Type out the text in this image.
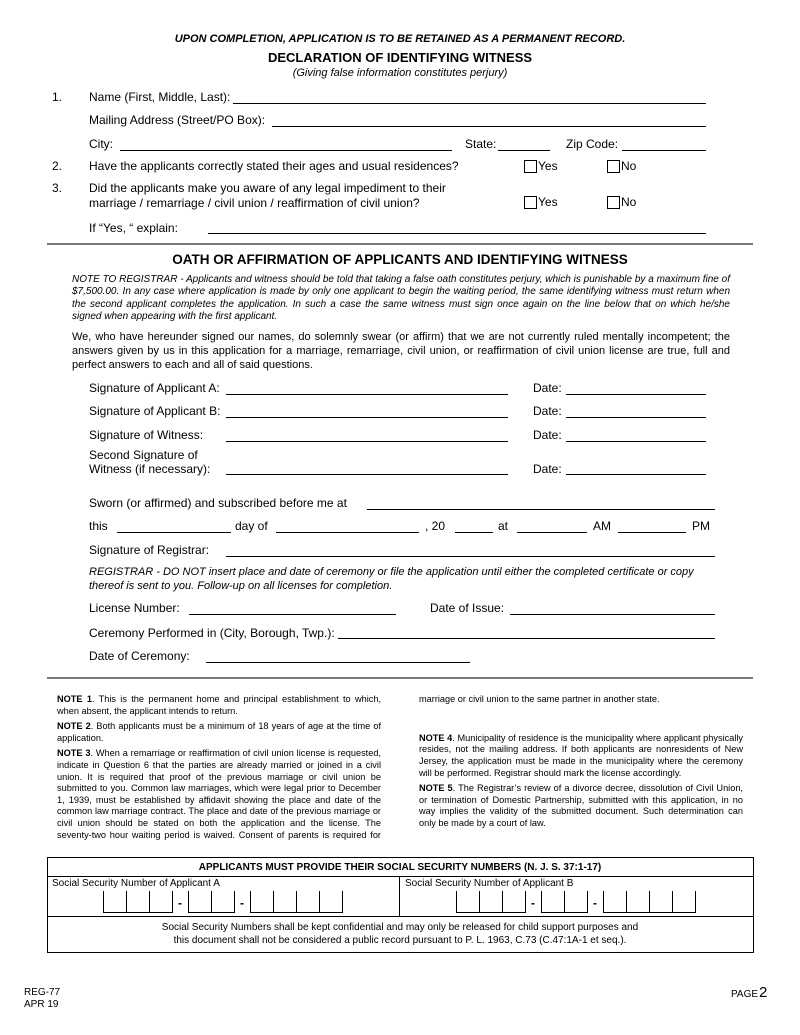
UPON COMPLETION, APPLICATION IS TO BE RETAINED AS A PERMANENT RECORD.
DECLARATION OF IDENTIFYING WITNESS
(Giving false information constitutes perjury)
1. Name (First, Middle, Last):
Mailing Address (Street/PO Box):
City:	State:	Zip Code:
2. Have the applicants correctly stated their ages and usual residences?	Yes	No
3. Did the applicants make you aware of any legal impediment to their
marriage / remarriage / civil union / reaffirmation of civil union?	Yes	No
If “Yes, “ explain:
OATH OR AFFIRMATION OF APPLICANTS AND IDENTIFYING WITNESS
NOTE TO REGISTRAR - Applicants and witness should be told that taking a false oath constitutes perjury, which is punishable by a maximum fine of $7,500.00. In any case where application is made by only one applicant to begin the waiting period, the same identifying witness must return when the second applicant completes the application. In such a case the same witness must sign once again on the line below that on which he/she signed when appearing with the first applicant.
We, who have hereunder signed our names, do solemnly swear (or affirm) that we are not currently ruled mentally incompetent; the answers given by us in this application for a marriage, remarriage, civil union, or reaffirmation of civil union license are true, full and perfect answers to each and all of said questions.
Signature of Applicant A:	Date:
Signature of Applicant B:	Date:
Signature of Witness:	Date:
Second Signature of
Witness (if necessary):	Date:
Sworn (or affirmed) and subscribed before me at
this	day of	, 20	at	AM	PM
Signature of Registrar:
REGISTRAR - DO NOT insert place and date of ceremony or file the application until either the completed certificate or copy thereof is sent to you. Follow-up on all licenses for completion.
License Number:	Date of Issue:
Ceremony Performed in (City, Borough, Twp.):
Date of Ceremony:

NOTE 1. This is the permanent home and principal establishment to which, when absent, the applicant intends to return.

NOTE 2. Both applicants must be a minimum of 18 years of age at the time of application.

NOTE 3. When a remarriage or reaffirmation of civil union license is requested, indicate in Question 6 that the parties are already married or joined in a civil union. It is required that proof of the previous marriage or civil union be submitted to you. Common law marriages, which were legal prior to December 1, 1939, must be established by affidavit showing the place and date of the common law marriage contract. The place and date of the previous marriage or civil union should be stated on both the application and the license. The seventy-two hour waiting period is waived. Consent of parents is required for

marriage or civil union to the same partner in another state.

NOTE 4. Municipality of residence is the municipality where applicant physically resides, not the mailing address. If both applicants are nonresidents of New Jersey, the application must be made in the municipality where the ceremony will be performed. Registrar should mark the license accordingly.

NOTE 5. The Registrar’s review of a divorce decree, dissolution of Civil Union, or termination of Domestic Partnership, submitted with this application, in no way implies the validity of the submitted document. Such determination can only be made by a court of law.

APPLICANTS MUST PROVIDE THEIR SOCIAL SECURITY NUMBERS (N. J. S. 37:1-17)
Social Security Number of Applicant A	Social Security Number of Applicant B
-	-	-	-
Social Security Numbers shall be kept confidential and may only be released for child support purposes and
this document shall not be considered a public record pursuant to P. L. 1963, C.73 (C.47:1A-1 et seq.).
REG-77
APR 19
PAGE 2
